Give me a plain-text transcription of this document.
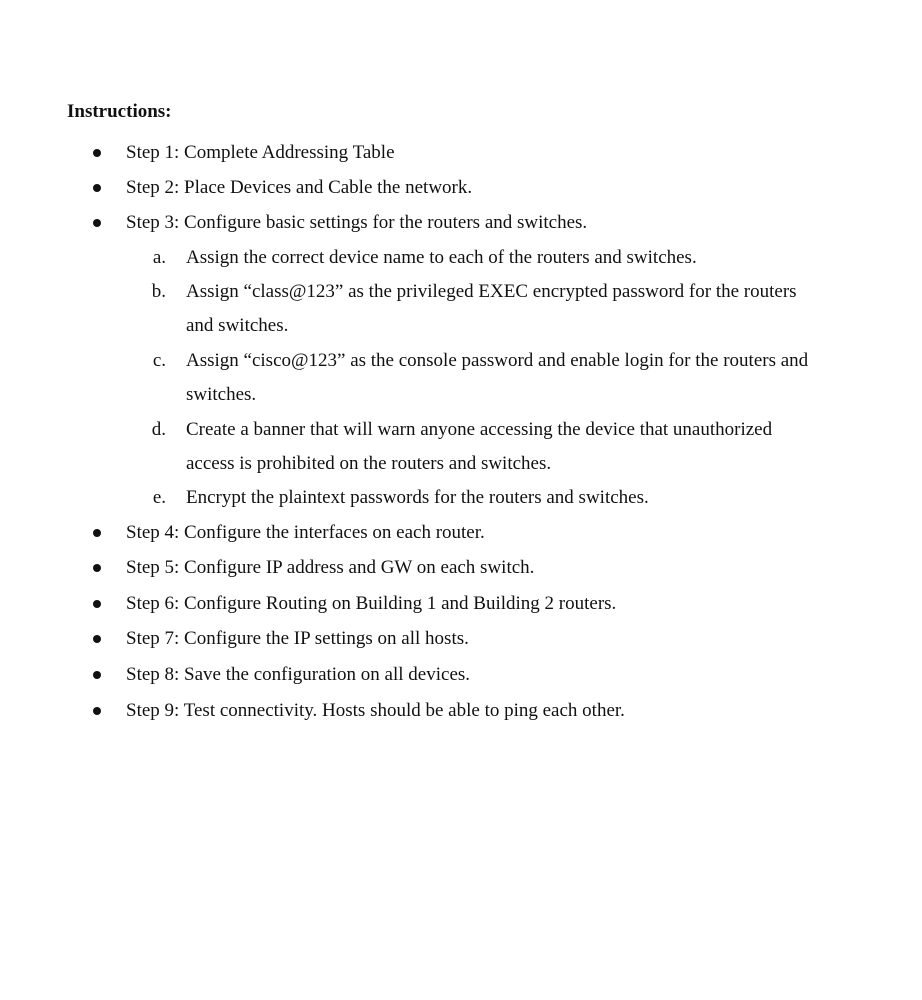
Instructions:
Step 1: Complete Addressing Table
Step 2: Place Devices and Cable the network.
Step 3: Configure basic settings for the routers and switches.
a. Assign the correct device name to each of the routers and switches.
b. Assign “class@123” as the privileged EXEC encrypted password for the routers
and switches.
c. Assign “cisco@123” as the console password and enable login for the routers and
switches.
d. Create a banner that will warn anyone accessing the device that unauthorized
access is prohibited on the routers and switches.
e. Encrypt the plaintext passwords for the routers and switches.
Step 4: Configure the interfaces on each router.
Step 5: Configure IP address and GW on each switch.
Step 6: Configure Routing on Building 1 and Building 2 routers.
Step 7: Configure the IP settings on all hosts.
Step 8: Save the configuration on all devices.
Step 9: Test connectivity. Hosts should be able to ping each other.
